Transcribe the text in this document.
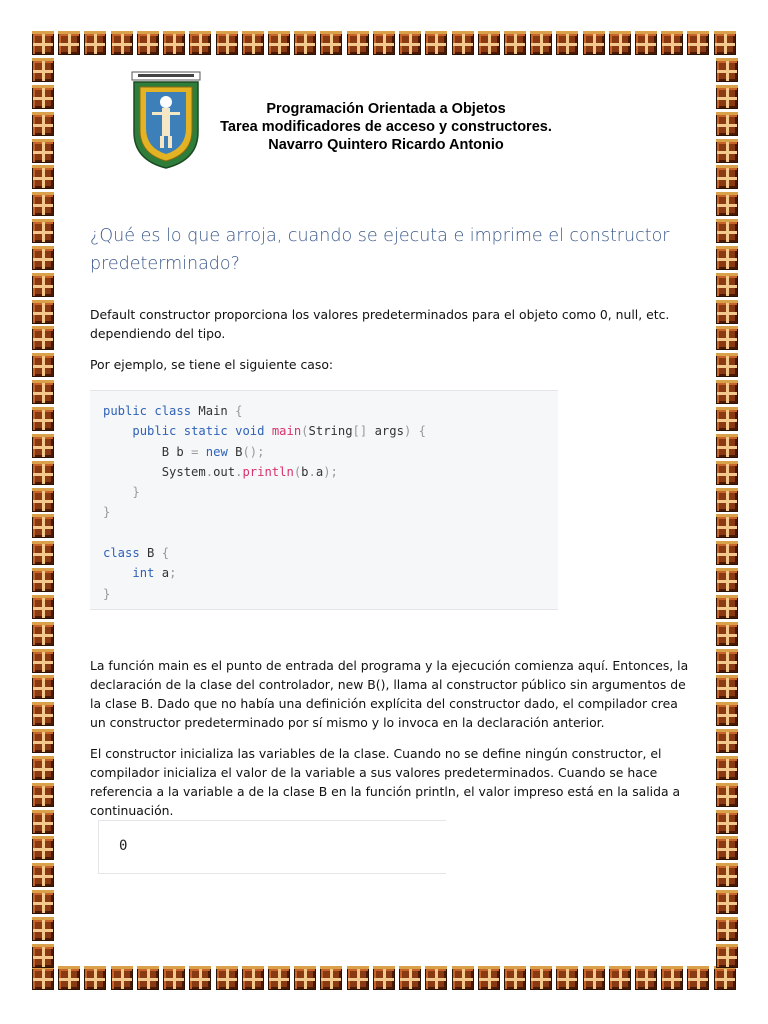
Programación Orientada a Objetos
Tarea modificadores de acceso y constructores.
Navarro Quintero Ricardo Antonio
¿Qué es lo que arroja, cuando se ejecuta e imprime el constructor predeterminado?
Default constructor proporciona los valores predeterminados para el objeto como 0, null, etc. dependiendo del tipo.
Por ejemplo, se tiene el siguiente caso:
public class Main {
public static void main(String[] args) {
B b = new B();
System.out.println(b.a);
}
}

class B {
int a;
}
La función main es el punto de entrada del programa y la ejecución comienza aquí. Entonces, la declaración de la clase del controlador, new B(), llama al constructor público sin argumentos de la clase B. Dado que no había una definición explícita del constructor dado, el compilador crea un constructor predeterminado por sí mismo y lo invoca en la declaración anterior.
El constructor inicializa las variables de la clase. Cuando no se define ningún constructor, el compilador inicializa el valor de la variable a sus valores predeterminados. Cuando se hace referencia a la variable a de la clase B en la función println, el valor impreso está en la salida a continuación.
0
